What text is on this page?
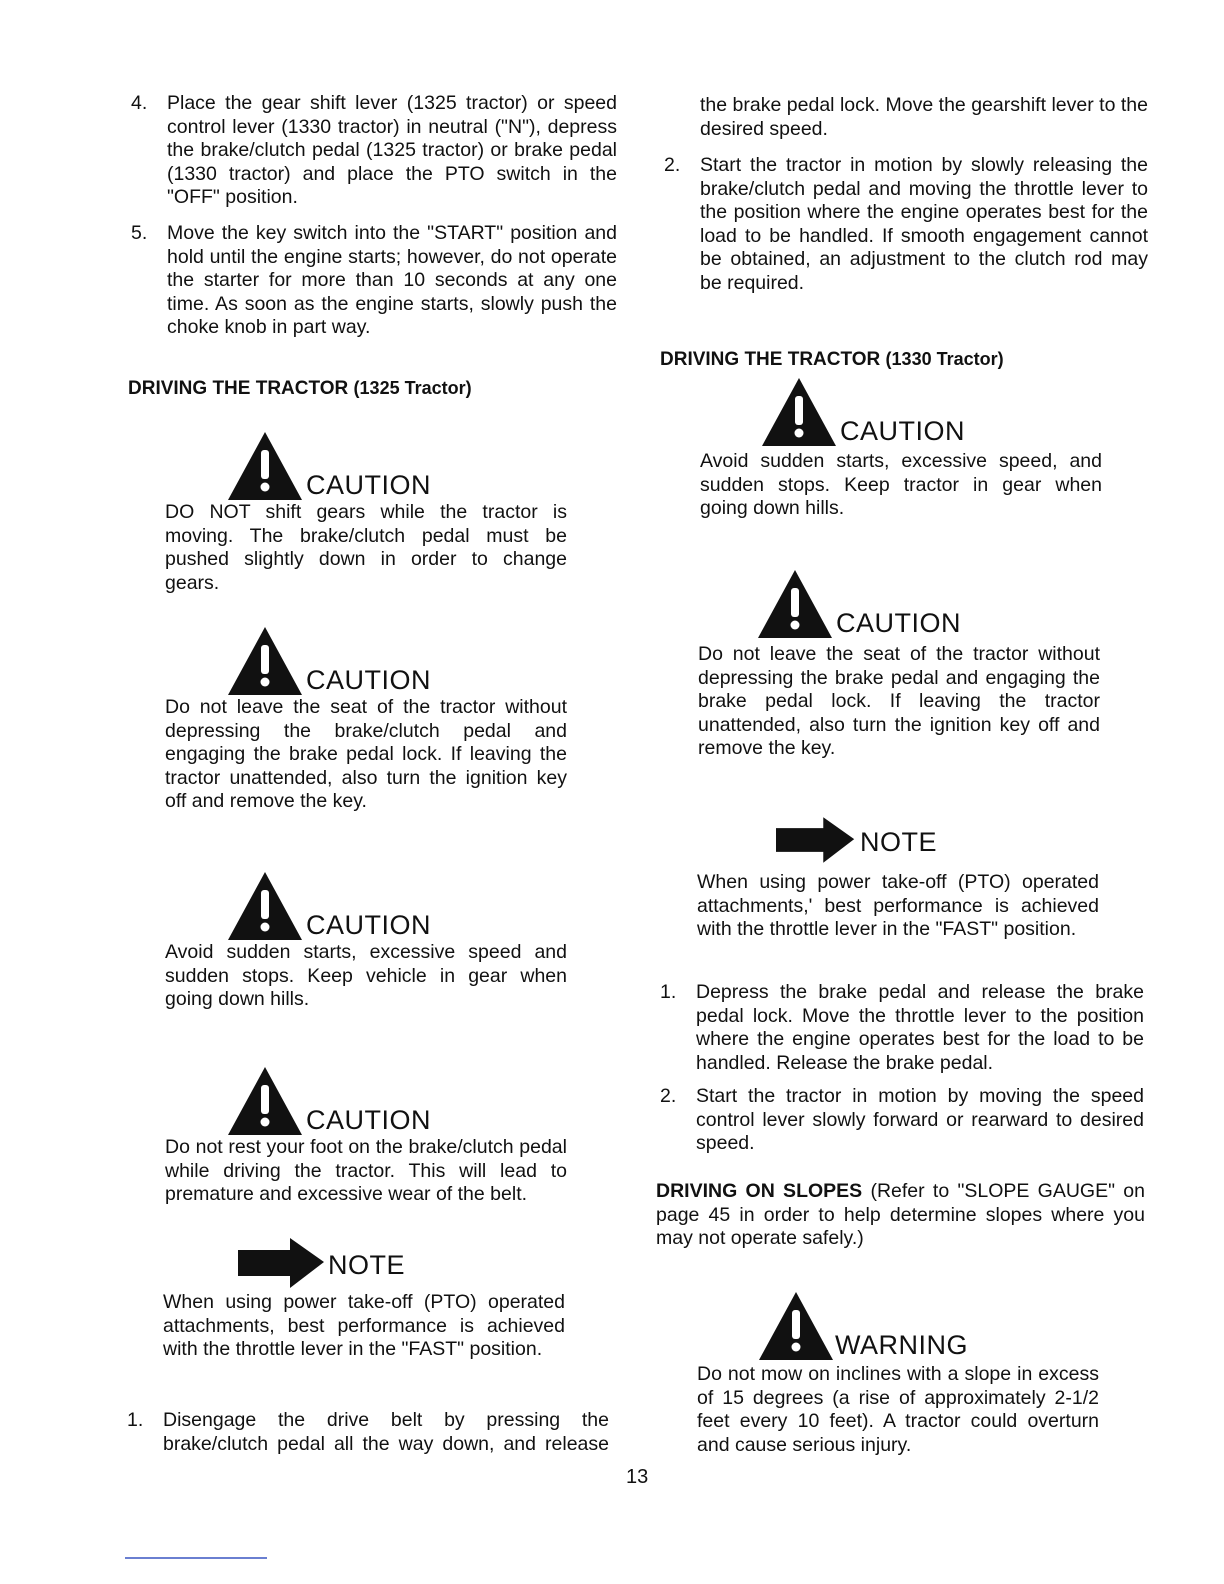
4. Place the gear shift lever (1325 tractor) or speed control lever (1330 tractor) in neutral ("N"), depress the brake/clutch pedal (1325 tractor) or brake pedal (1330 tractor) and place the PTO switch in the "OFF" position.
5. Move the key switch into the "START" position and hold until the engine starts; however, do not operate the starter for more than 10 seconds at any one time. As soon as the engine starts, slowly push the choke knob in part way.
DRIVING THE TRACTOR (1325 Tractor)
CAUTION
DO NOT shift gears while the tractor is moving. The brake/clutch pedal must be pushed slightly down in order to change gears.
CAUTION
Do not leave the seat of the tractor without depressing the brake/clutch pedal and engaging the brake pedal lock. If leaving the tractor unattended, also turn the ignition key off and remove the key.
CAUTION
Avoid sudden starts, excessive speed and sudden stops. Keep vehicle in gear when going down hills.
CAUTION
Do not rest your foot on the brake/clutch pedal while driving the tractor. This will lead to premature and excessive wear of the belt.
NOTE
When using power take-off (PTO) operated attachments, best performance is achieved with the throttle lever in the "FAST" position.
1. Disengage the drive belt by pressing the brake/clutch pedal all the way down, and release
the brake pedal lock. Move the gearshift lever to the desired speed.
2. Start the tractor in motion by slowly releasing the brake/clutch pedal and moving the throttle lever to the position where the engine operates best for the load to be handled. If smooth engagement cannot be obtained, an adjustment to the clutch rod may be required.
DRIVING THE TRACTOR (1330 Tractor)
CAUTION
Avoid sudden starts, excessive speed, and sudden stops. Keep tractor in gear when going down hills.
CAUTION
Do not leave the seat of the tractor without depressing the brake pedal and engaging the brake pedal lock. If leaving the tractor unattended, also turn the ignition key off and remove the key.
NOTE
When using power take-off (PTO) operated attachments,' best performance is achieved with the throttle lever in the "FAST" position.
1. Depress the brake pedal and release the brake pedal lock. Move the throttle lever to the position where the engine operates best for the load to be handled. Release the brake pedal.
2. Start the tractor in motion by moving the speed control lever slowly forward or rearward to desired speed.
DRIVING ON SLOPES (Refer to "SLOPE GAUGE" on page 45 in order to help determine slopes where you may not operate safely.)
WARNING
Do not mow on inclines with a slope in excess of 15 degrees (a rise of approximately 2-1/2 feet every 10 feet). A tractor could overturn and cause serious injury.
13
